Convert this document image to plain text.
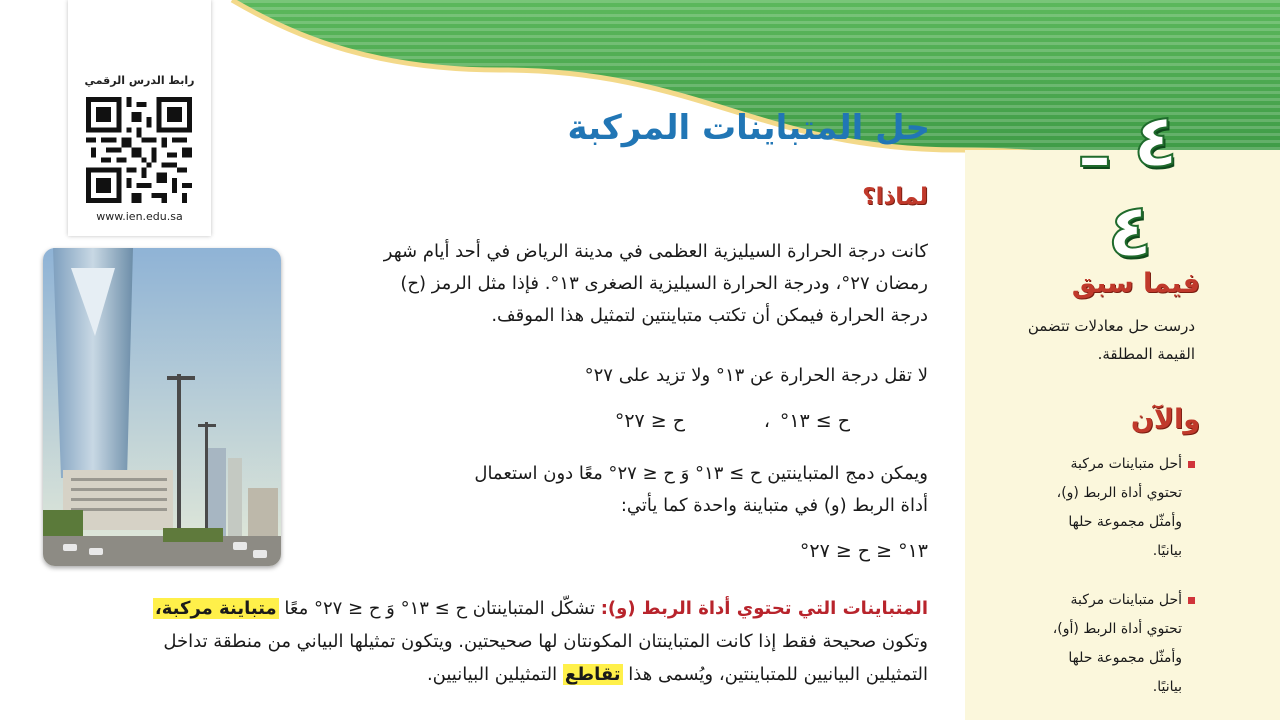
٤ ـ ٤
فيما سبق
درست حل معادلات تتضمن
القيمة المطلقة.
والآن
أحل متباينات مركبة
تحتوي أداة الربط (و)،
وأمثّل مجموعة حلها
بيانيًا.
أحل متباينات مركبة
تحتوي أداة الربط (أو)،
وأمثّل مجموعة حلها
بيانيًا.
رابط الدرس الرقمي
www.ien.edu.sa
حل المتباينات المركبة
لماذا؟
كانت درجة الحرارة السيليزية العظمى في مدينة الرياض في أحد أيام شهر
رمضان ٢٧°، ودرجة الحرارة السيليزية الصغرى ١٣°. فإذا مثل الرمز (ح)
درجة الحرارة فيمكن أن تكتب متباينتين لتمثيل هذا الموقف.
لا تقل درجة الحرارة عن ١٣° ولا تزيد على ٢٧°
ح ≥ ١٣°
،
ح ≤ ٢٧°
ويمكن دمج المتباينتين ح ≥ ١٣° وَ ح ≤ ٢٧° معًا دون استعمال
أداة الربط (و) في متباينة واحدة كما يأتي:
١٣° ≤ ح ≤ ٢٧°
المتباينات التي تحتوي أداة الربط (و): تشكّل المتباينتان ح ≥ ١٣° وَ ح ≤ ٢٧° معًا متباينة مركبة،
وتكون صحيحة فقط إذا كانت المتباينتان المكونتان لها صحيحتين. ويتكون تمثيلها البياني من منطقة تداخل
التمثيلين البيانيين للمتباينتين، ويُسمى هذا تقاطع التمثيلين البيانيين.
